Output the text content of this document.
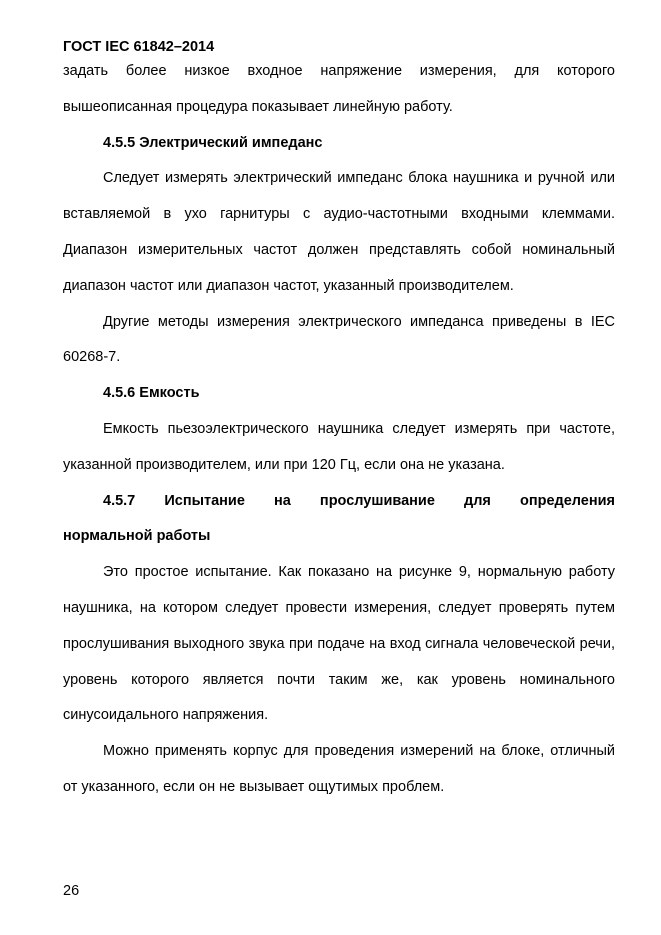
ГОСТ IEC 61842–2014

задать более низкое входное напряжение измерения, для которого вышеописанная процедура показывает линейную работу.

4.5.5 Электрический импеданс

Следует измерять электрический импеданс блока наушника и ручной или вставляемой в ухо гарнитуры с аудио-частотными входными клеммами. Диапазон измерительных частот должен представлять собой номинальный диапазон частот или диапазон частот, указанный производителем.

Другие методы измерения электрического импеданса приведены в IEC 60268-7.

4.5.6 Емкость

Емкость пьезоэлектрического наушника следует измерять при частоте, указанной производителем, или при 120 Гц, если она не указана.

4.5.7 Испытание на прослушивание для определения
нормальной работы

Это простое испытание. Как показано на рисунке 9, нормальную работу наушника, на котором следует провести измерения, следует проверять путем прослушивания выходного звука при подаче на вход сигнала человеческой речи, уровень которого является почти таким же, как уровень номинального синусоидального напряжения.

Можно применять корпус для проведения измерений на блоке, отличный от указанного, если он не вызывает ощутимых проблем.

26
